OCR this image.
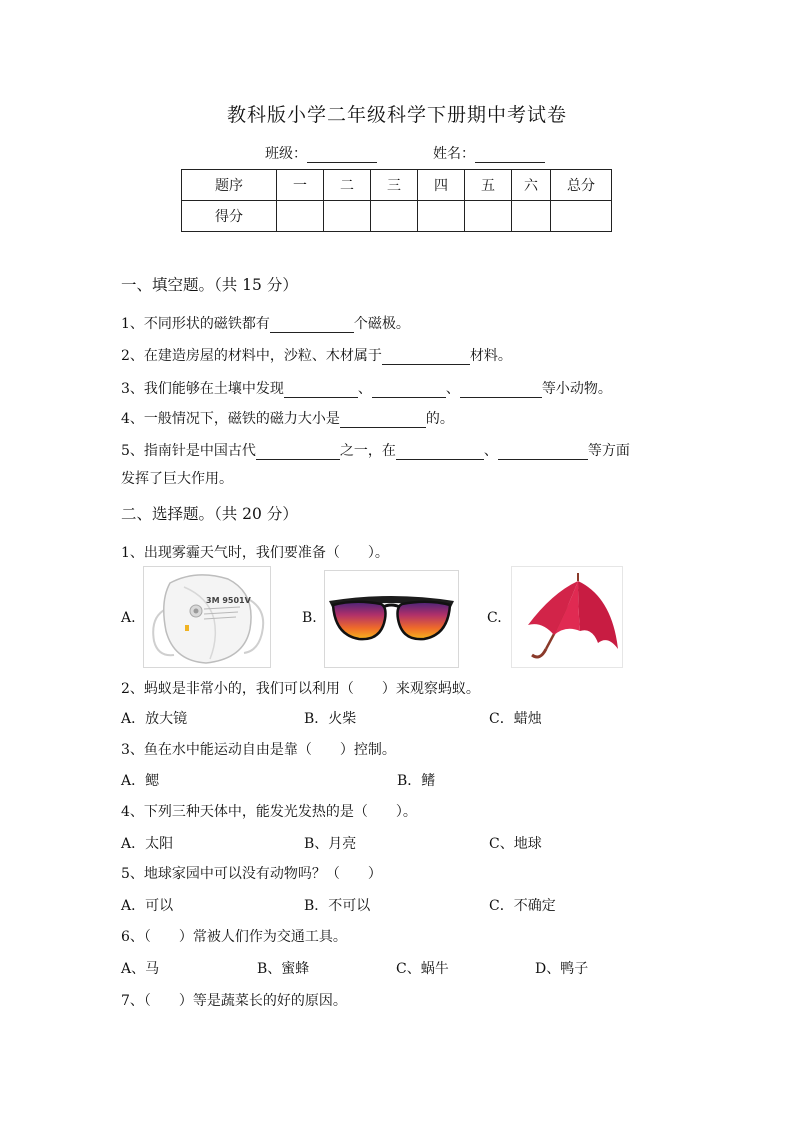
教科版小学二年级科学下册期中考试卷
班级：	姓名：
题序	一	二	三	四	五	六	总分
得分							
一、填空题。（共 15 分）
1、不同形状的磁铁都有	个磁极。
2、在建造房屋的材料中，沙粒、木材属于	材料。
3、我们能够在土壤中发现	、	、	等小动物。
4、一般情况下，磁铁的磁力大小是	的。
5、指南针是中国古代	之一，在	、	等方面
发挥了巨大作用。
二、选择题。（共 20 分）
1、出现雾霾天气时，我们要准备（　　）。
A.
3M 9501V
B.	C.
2、蚂蚁是非常小的，我们可以利用（　　）来观察蚂蚁。
A．放大镜	B．火柴	C．蜡烛
3、鱼在水中能运动自由是靠（　　）控制。
A．鳃	B．鳍
4、下列三种天体中，能发光发热的是（　　）。
A．太阳	B、月亮	C、地球
5、地球家园中可以没有动物吗？（　　）
A．可以	B．不可以	C．不确定
6、（　　）常被人们作为交通工具。
A、马	B、蜜蜂	C、蜗牛	D、鸭子
7、（　　）等是蔬菜长的好的原因。
